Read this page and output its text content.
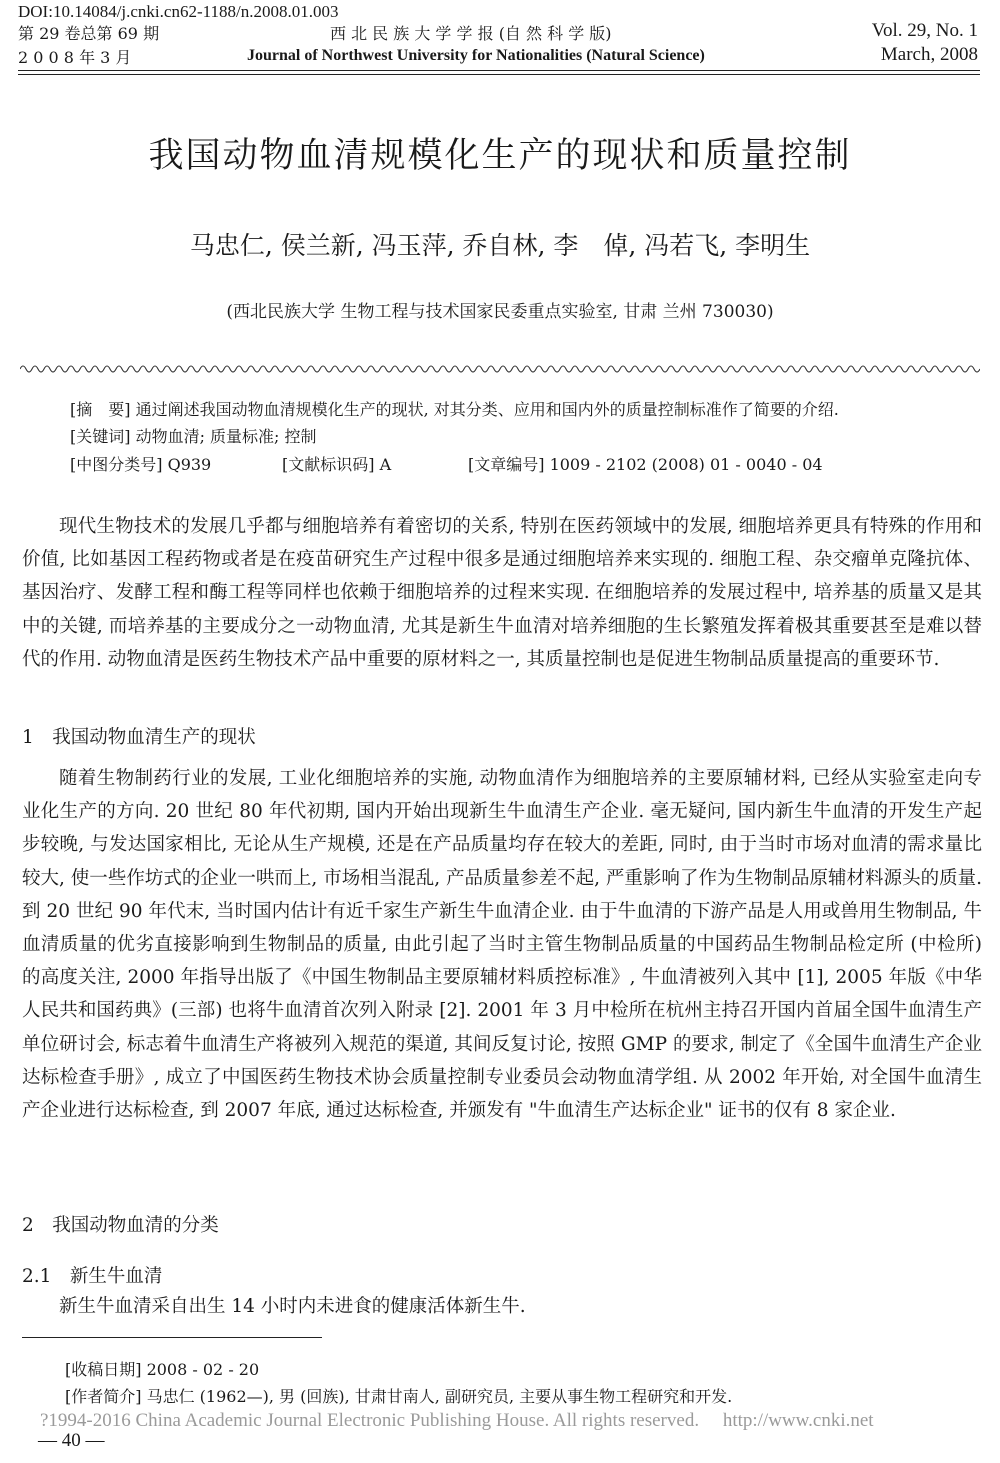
DOI:10.14084/j.cnki.cn62-1188/n.2008.01.003
第 29 卷总第 69 期
2 0 0 8 年 3 月
西 北 民 族 大 学 学 报 (自 然 科 学 版)
Journal of Northwest University for Nationalities (Natural Science)
Vol. 29, No. 1
March, 2008
我国动物血清规模化生产的现状和质量控制
马忠仁, 侯兰新, 冯玉萍, 乔自林, 李　倬, 冯若飞, 李明生
(西北民族大学 生物工程与技术国家民委重点实验室, 甘肃 兰州 730030)
[摘　要] 通过阐述我国动物血清规模化生产的现状, 对其分类、应用和国内外的质量控制标准作了简要的介绍.
[关键词] 动物血清; 质量标准; 控制
[中图分类号] Q939	[文献标识码] A	[文章编号] 1009 - 2102 (2008) 01 - 0040 - 04

现代生物技术的发展几乎都与细胞培养有着密切的关系, 特别在医药领域中的发展, 细胞培养更具有特殊的作用和价值, 比如基因工程药物或者是在疫苗研究生产过程中很多是通过细胞培养来实现的. 细胞工程、杂交瘤单克隆抗体、基因治疗、发酵工程和酶工程等同样也依赖于细胞培养的过程来实现. 在细胞培养的发展过程中, 培养基的质量又是其中的关键, 而培养基的主要成分之一动物血清, 尤其是新生牛血清对培养细胞的生长繁殖发挥着极其重要甚至是难以替代的作用. 动物血清是医药生物技术产品中重要的原材料之一, 其质量控制也是促进生物制品质量提高的重要环节.

1　我国动物血清生产的现状

随着生物制药行业的发展, 工业化细胞培养的实施, 动物血清作为细胞培养的主要原辅材料, 已经从实验室走向专业化生产的方向. 20 世纪 80 年代初期, 国内开始出现新生牛血清生产企业. 毫无疑问, 国内新生牛血清的开发生产起步较晚, 与发达国家相比, 无论从生产规模, 还是在产品质量均存在较大的差距, 同时, 由于当时市场对血清的需求量比较大, 使一些作坊式的企业一哄而上, 市场相当混乱, 产品质量参差不起, 严重影响了作为生物制品原辅材料源头的质量. 到 20 世纪 90 年代末, 当时国内估计有近千家生产新生牛血清企业. 由于牛血清的下游产品是人用或兽用生物制品, 牛血清质量的优劣直接影响到生物制品的质量, 由此引起了当时主管生物制品质量的中国药品生物制品检定所 (中检所) 的高度关注, 2000 年指导出版了《中国生物制品主要原辅材料质控标准》, 牛血清被列入其中 [1], 2005 年版《中华人民共和国药典》(三部) 也将牛血清首次列入附录 [2]. 2001 年 3 月中检所在杭州主持召开国内首届全国牛血清生产单位研讨会, 标志着牛血清生产将被列入规范的渠道, 其间反复讨论, 按照 GMP 的要求, 制定了《全国牛血清生产企业达标检查手册》, 成立了中国医药生物技术协会质量控制专业委员会动物血清学组. 从 2002 年开始, 对全国牛血清生产企业进行达标检查, 到 2007 年底, 通过达标检查, 并颁发有 "牛血清生产达标企业" 证书的仅有 8 家企业.

2　我国动物血清的分类
2.1　新生牛血清

新生牛血清采自出生 14 小时内未进食的健康活体新生牛.

[收稿日期] 2008 - 02 - 20
[作者简介] 马忠仁 (1962—), 男 (回族), 甘肃甘南人, 副研究员, 主要从事生物工程研究和开发.
?1994-2016 China Academic Journal Electronic Publishing House. All rights reserved.　 http://www.cnki.net
— 40 —
